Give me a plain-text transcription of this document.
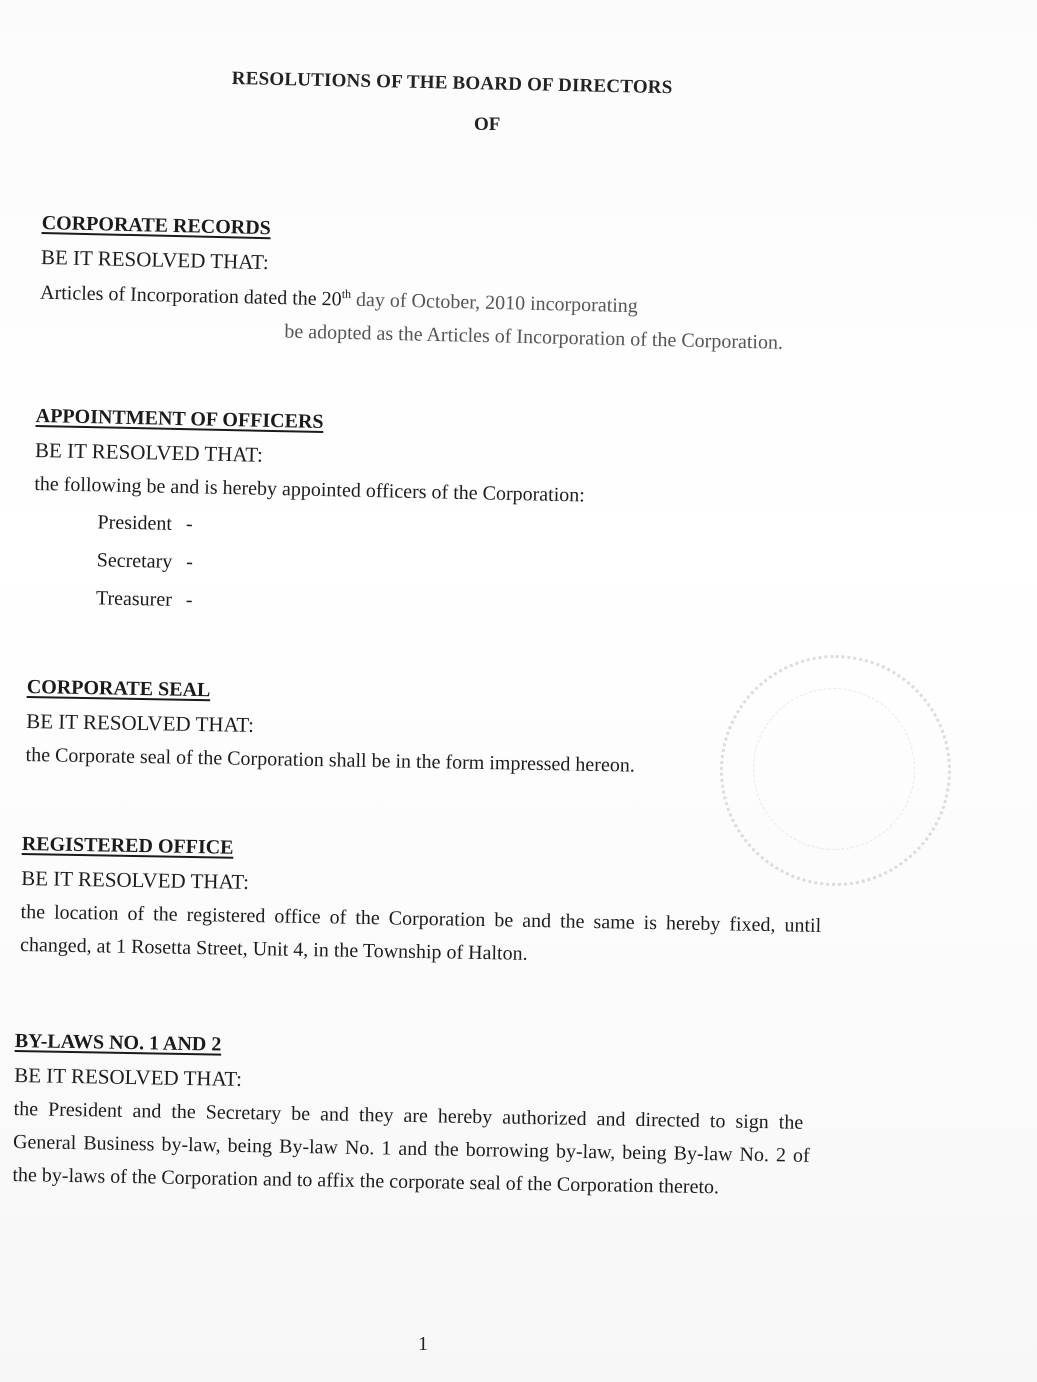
RESOLUTIONS OF THE BOARD OF DIRECTORS
OF
CORPORATE RECORDS
BE IT RESOLVED THAT:
Articles of Incorporation dated the 20th day of October, 2010 incorporating
be adopted as the Articles of Incorporation of the Corporation.
APPOINTMENT OF OFFICERS
BE IT RESOLVED THAT:
the following be and is hereby appointed officers of the Corporation:
President -
Secretary -
Treasurer -
CORPORATE SEAL
BE IT RESOLVED THAT:
the Corporate seal of the Corporation shall be in the form impressed hereon.
REGISTERED OFFICE
BE IT RESOLVED THAT:
the location of the registered office of the Corporation be and the same is hereby fixed, until
changed, at 1 Rosetta Street, Unit 4, in the Township of Halton.
BY-LAWS NO. 1 AND 2
BE IT RESOLVED THAT:
the President and the Secretary be and they are hereby authorized and directed to sign the
General Business by-law, being By-law No. 1 and the borrowing by-law, being By-law No. 2 of
the by-laws of the Corporation and to affix the corporate seal of the Corporation thereto.
1
